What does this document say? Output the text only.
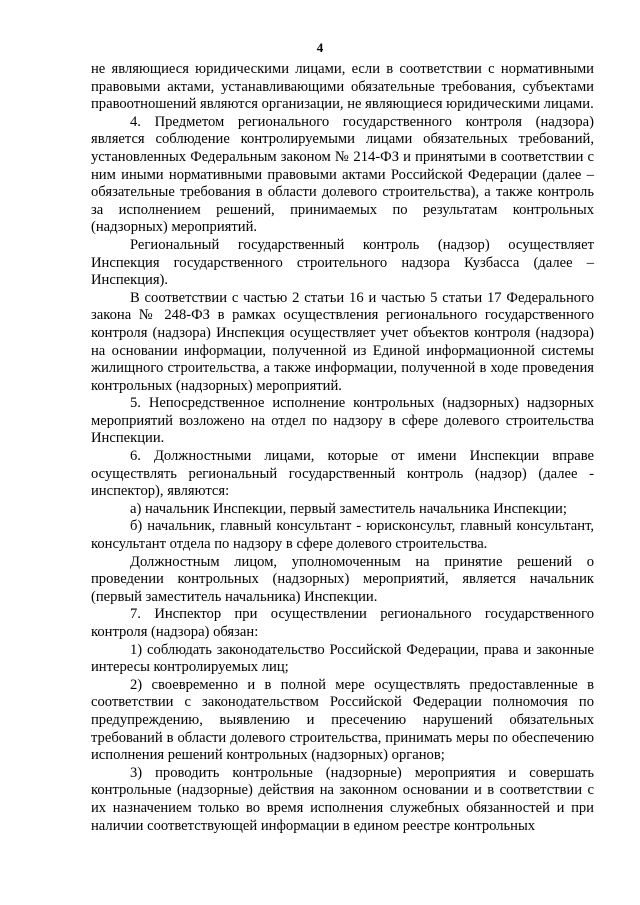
4

не являющиеся юридическими лицами, если в соответствии с нормативными правовыми актами, устанавливающими обязательные требования, субъектами правоотношений являются организации, не являющиеся юридическими лицами.

4. Предметом регионального государственного контроля (надзора) является соблюдение контролируемыми лицами обязательных требований, установленных Федеральным законом № 214-ФЗ и принятыми в соответствии с ним иными нормативными правовыми актами Российской Федерации (далее – обязательные требования в области долевого строительства), а также контроль за исполнением решений, принимаемых по результатам контрольных (надзорных) мероприятий.

Региональный государственный контроль (надзор) осуществляет Инспекция государственного строительного надзора Кузбасса (далее – Инспекция).

В соответствии с частью 2 статьи 16 и частью 5 статьи 17 Федерального закона № 248-ФЗ в рамках осуществления регионального государственного контроля (надзора) Инспекция осуществляет учет объектов контроля (надзора) на основании информации, полученной из Единой информационной системы жилищного строительства, а также информации, полученной в ходе проведения контрольных (надзорных) мероприятий.

5. Непосредственное исполнение контрольных (надзорных) надзорных мероприятий возложено на отдел по надзору в сфере долевого строительства Инспекции.

6. Должностными лицами, которые от имени Инспекции вправе осуществлять региональный государственный контроль (надзор) (далее - инспектор), являются:

а) начальник Инспекции, первый заместитель начальника Инспекции;

б) начальник, главный консультант - юрисконсульт, главный консультант, консультант отдела по надзору в сфере долевого строительства.

Должностным лицом, уполномоченным на принятие решений о проведении контрольных (надзорных) мероприятий, является начальник (первый заместитель начальника) Инспекции.

7. Инспектор при осуществлении регионального государственного контроля (надзора) обязан:

1) соблюдать законодательство Российской Федерации, права и законные интересы контролируемых лиц;

2) своевременно и в полной мере осуществлять предоставленные в соответствии с законодательством Российской Федерации полномочия по предупреждению, выявлению и пресечению нарушений обязательных требований в области долевого строительства, принимать меры по обеспечению исполнения решений контрольных (надзорных) органов;

3) проводить контрольные (надзорные) мероприятия и совершать контрольные (надзорные) действия на законном основании и в соответствии с их назначением только во время исполнения служебных обязанностей и при наличии соответствующей информации в едином реестре контрольных
